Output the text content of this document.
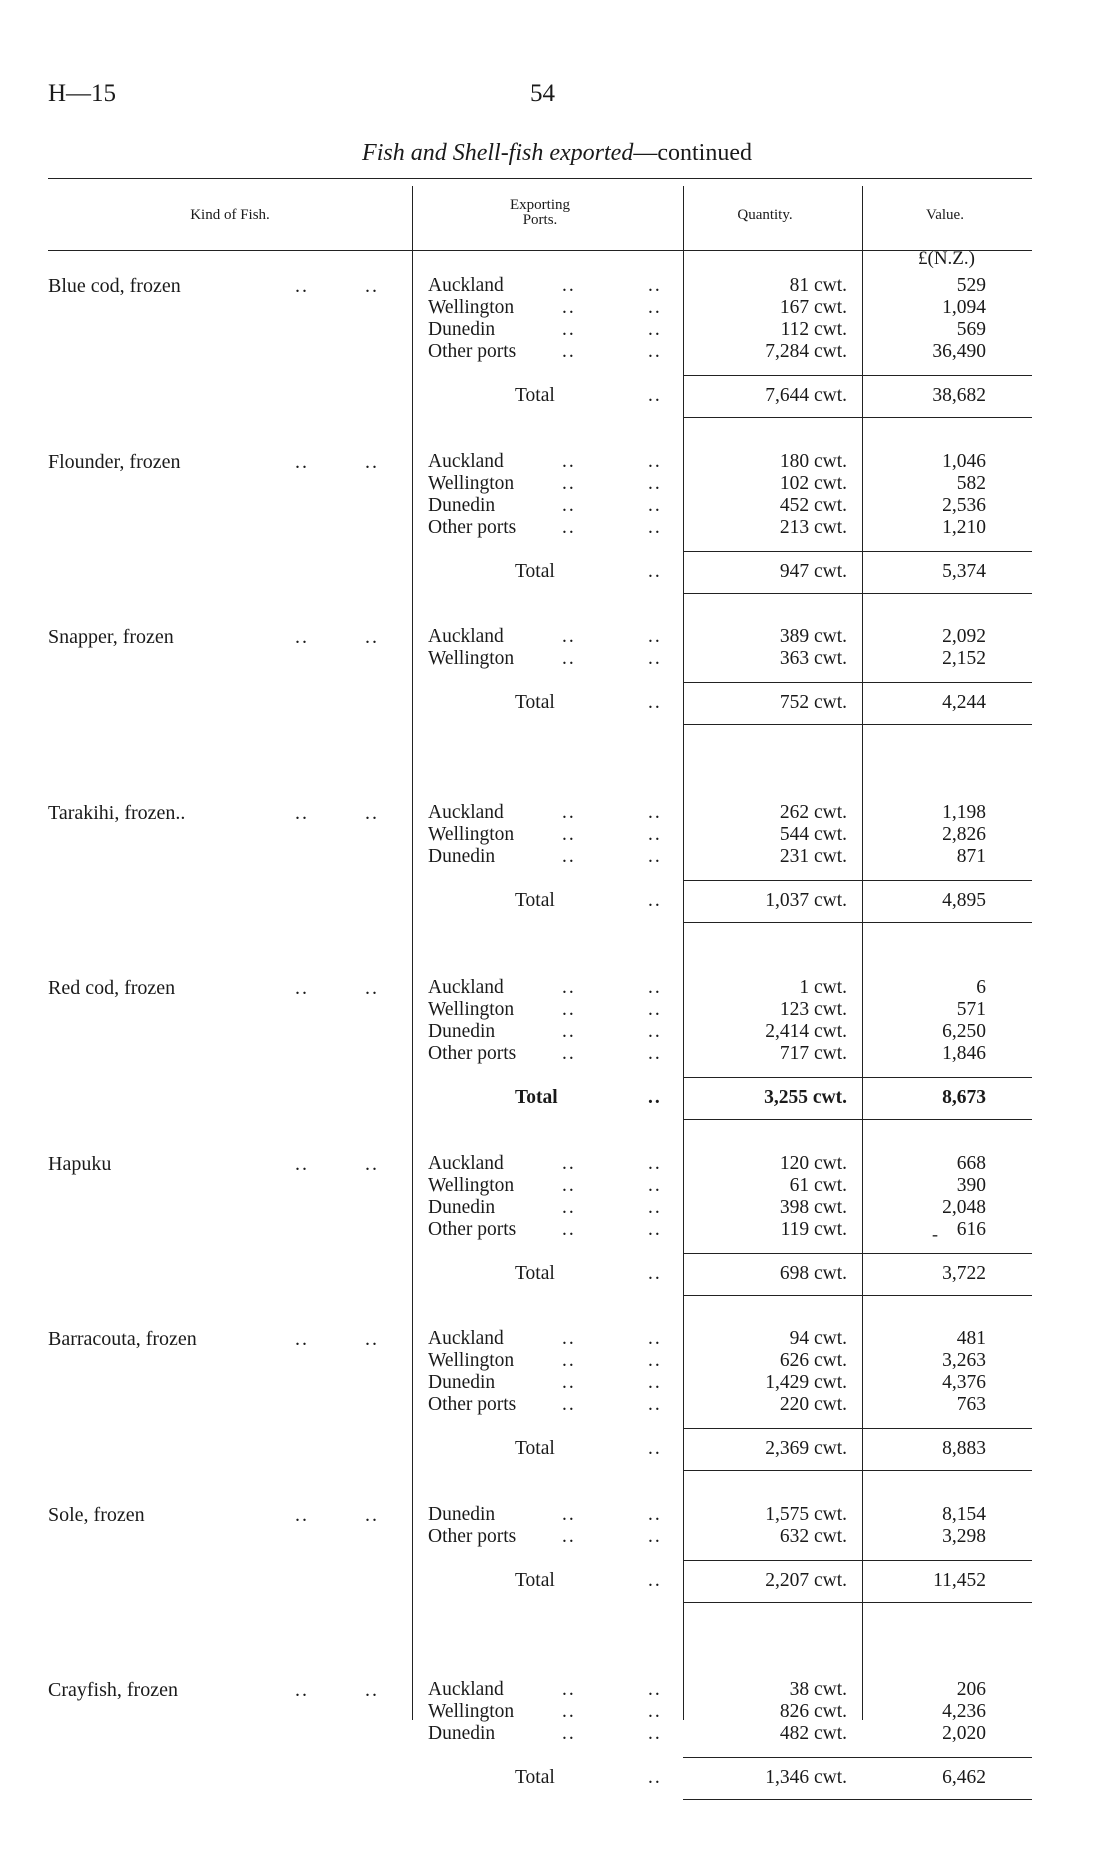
H—15	54
Fish and Shell-fish exported—continued
Kind of Fish.
Exporting
Ports.	Quantity.	Value.
£(N.Z.)
-
Blue cod, frozen	..        ..	Auckland	..	..	81 cwt.	529
Wellington ..	..	167 cwt.	1,094
Dunedin	..	..	112 cwt.	569
Other ports ..	..	7,284 cwt.	36,490
Total	..	7,644 cwt.	38,682
Flounder, frozen	..        ..	Auckland	..	..	180 cwt.	1,046
Wellington ..	..	102 cwt.	582
Dunedin	..	..	452 cwt.	2,536
Other ports ..	..	213 cwt.	1,210
Total	..	947 cwt.	5,374
Snapper, frozen	..        ..	Auckland	..	..	389 cwt.	2,092
Wellington ..	..	363 cwt.	2,152
Total	..	752 cwt.	4,244
Tarakihi, frozen..	..        ..	Auckland	..	..	262 cwt.	1,198
Wellington ..	..	544 cwt.	2,826
Dunedin	..	..	231 cwt.	871
Total	..	1,037 cwt.	4,895
Red cod, frozen	..        ..	Auckland	..	..	1 cwt.	6
Wellington ..	..	123 cwt.	571
Dunedin	..	..	2,414 cwt.	6,250
Other ports ..	..	717 cwt.	1,846
Total	..	3,255 cwt.	8,673
Hapuku	..        ..	Auckland	..	..	120 cwt.	668
Wellington ..	..	61 cwt.	390
Dunedin	..	..	398 cwt.	2,048
Other ports ..	..	119 cwt.	616
Total	..	698 cwt.	3,722
Barracouta, frozen	..        ..	Auckland	..	..	94 cwt.	481
Wellington ..	..	626 cwt.	3,263
Dunedin	..	..	1,429 cwt.	4,376
Other ports ..	..	220 cwt.	763
Total	..	2,369 cwt.	8,883
Sole, frozen	..        ..	Dunedin	..	..	1,575 cwt.	8,154
Other ports ..	..	632 cwt.	3,298
Total	..	2,207 cwt.	11,452
Crayfish, frozen	..        ..	Auckland	..	..	38 cwt.	206
Wellington ..	..	826 cwt.	4,236
Dunedin	..	..	482 cwt.	2,020
Total	..	1,346 cwt.	6,462
